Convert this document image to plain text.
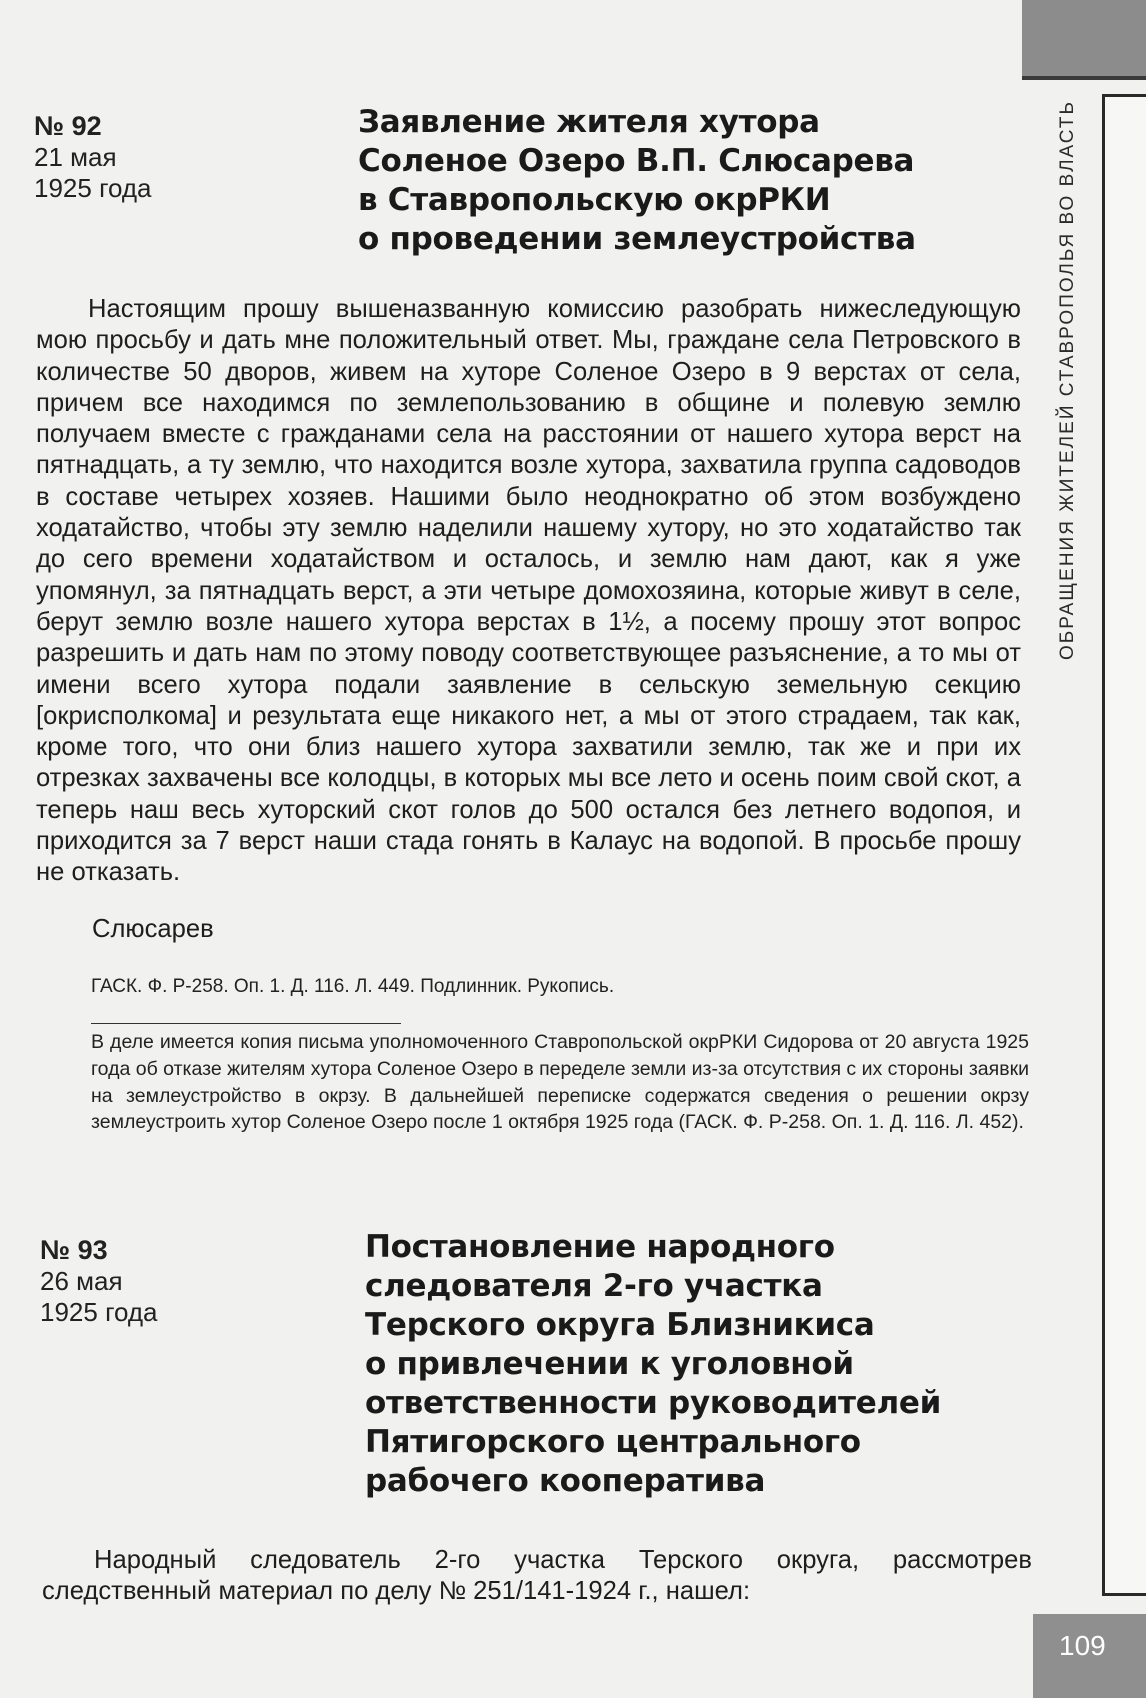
ОБРАЩЕНИЯ ЖИТЕЛЕЙ СТАВРОПОЛЬЯ ВО ВЛАСТЬ
109
№ 92
21 мая
1925 года
Заявление жителя хутора
Соленое Озеро В.П. Слюсарева
в Ставропольскую окрРКИ
о проведении землеустройства

Настоящим прошу вышеназванную комиссию разобрать нижеследующую мою просьбу и дать мне положительный ответ. Мы, граждане села Петровского в количестве 50 дворов, живем на хуторе Соленое Озеро в 9 верстах от села, причем все находимся по землепользованию в общине и полевую землю получаем вместе с гражданами села на расстоянии от нашего хутора верст на пятнадцать, а ту землю, что находится возле хутора, захватила группа садоводов в составе четырех хозяев. Нашими было неоднократно об этом возбуждено ходатайство, чтобы эту землю наделили нашему хутору, но это ходатайство так до сего времени ходатайством и осталось, и землю нам дают, как я уже упомянул, за пятнадцать верст, а эти четыре домохозяина, которые живут в селе, берут землю возле нашего хутора верстах в 1½, а посему прошу этот вопрос разрешить и дать нам по этому поводу соответствующее разъяснение, а то мы от имени всего хутора подали заявление в сельскую земельную секцию [окрисполкома] и результата еще никакого нет, а мы от этого страдаем, так как, кроме того, что они близ нашего хутора захватили землю, так же и при их отрезках захвачены все колодцы, в которых мы все лето и осень поим свой скот, а теперь наш весь хуторский скот голов до 500 остался без летнего водопоя, и приходится за 7 верст наши стада гонять в Калаус на водопой. В просьбе прошу не отказать.

Слюсарев
ГАСК. Ф. Р-258. Оп. 1. Д. 116. Л. 449. Подлинник. Рукопись.

В деле имеется копия письма уполномоченного Ставропольской окрРКИ Сидорова от 20 августа 1925 года об отказе жителям хутора Соленое Озеро в переделе земли из-за отсутствия с их стороны заявки на землеустройство в окрзу. В дальнейшей переписке содержатся сведения о решении окрзу землеустроить хутор Соленое Озеро после 1 октября 1925 года (ГАСК. Ф. Р-258. Оп. 1. Д. 116. Л. 452).

№ 93
26 мая
1925 года
Постановление народного
следователя 2-го участка
Терского округа Близникиса
о привлечении к уголовной
ответственности руководителей
Пятигорского центрального
рабочего кооператива

Народный следователь 2-го участка Терского округа, рассмотрев следственный материал по делу № 251/141-1924 г., нашел:
